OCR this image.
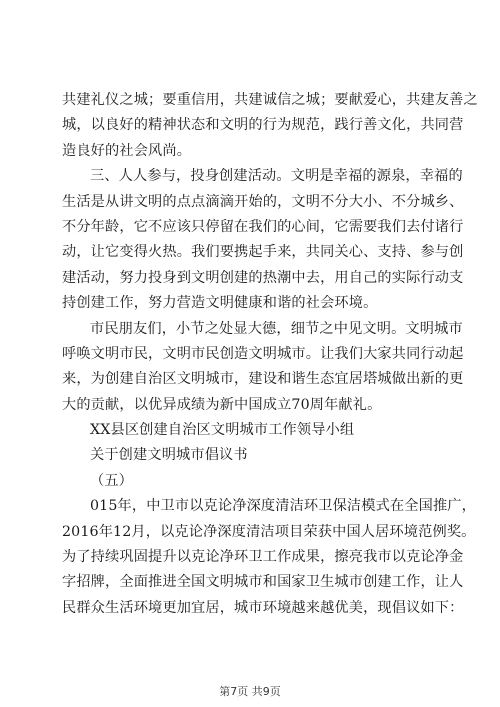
共建礼仪之城；要重信用，共建诚信之城；要献爱心，共建友善之
城，以良好的精神状态和文明的行为规范，践行善文化，共同营
造良好的社会风尚。
三、人人参与，投身创建活动。文明是幸福的源泉，幸福的
生活是从讲文明的点点滴滴开始的，文明不分大小、不分城乡、
不分年龄，它不应该只停留在我们的心间，它需要我们去付诸行
动，让它变得火热。我们要携起手来，共同关心、支持、参与创
建活动，努力投身到文明创建的热潮中去，用自己的实际行动支
持创建工作，努力营造文明健康和谐的社会环境。
市民朋友们，小节之处显大德，细节之中见文明。文明城市
呼唤文明市民，文明市民创造文明城市。让我们大家共同行动起
来，为创建自治区文明城市，建设和谐生态宜居塔城做出新的更
大的贡献，以优异成绩为新中国成立70周年献礼。
XX县区创建自治区文明城市工作领导小组
关于创建文明城市倡议书
（五）
015年，中卫市以克论净深度清洁环卫保洁模式在全国推广，
2016年12月，以克论净深度清洁项目荣获中国人居环境范例奖。
为了持续巩固提升以克论净环卫工作成果，擦亮我市以克论净金
字招牌，全面推进全国文明城市和国家卫生城市创建工作，让人
民群众生活环境更加宜居，城市环境越来越优美，现倡议如下：
第7页 共9页
